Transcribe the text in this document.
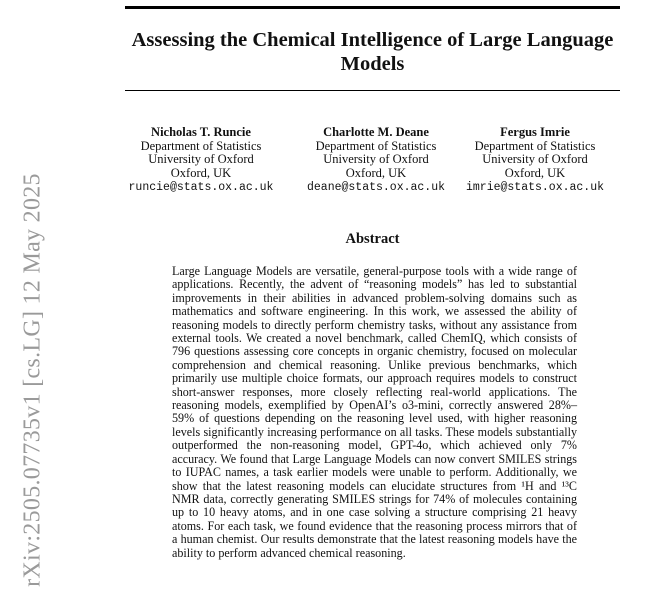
rXiv:2505.07735v1 [cs.LG] 12 May 2025
Assessing the Chemical Intelligence of Large Language Models
Nicholas T. Runcie
Department of Statistics
University of Oxford
Oxford, UK
runcie@stats.ox.ac.uk
Charlotte M. Deane
Department of Statistics
University of Oxford
Oxford, UK
deane@stats.ox.ac.uk
Fergus Imrie
Department of Statistics
University of Oxford
Oxford, UK
imrie@stats.ox.ac.uk
Abstract

Large Language Models are versatile, general-purpose tools with a wide range of applications. Recently, the advent of “reasoning models” has led to substantial improvements in their abilities in advanced problem-solving domains such as mathematics and software engineering. In this work, we assessed the ability of reasoning models to directly perform chemistry tasks, without any assistance from external tools. We created a novel benchmark, called ChemIQ, which consists of 796 questions assessing core concepts in organic chemistry, focused on molecular comprehension and chemical reasoning. Unlike previous benchmarks, which primarily use multiple choice formats, our approach requires models to construct short-answer responses, more closely reflecting real-world applications. The reasoning models, exemplified by OpenAI’s o3-mini, correctly answered 28%–59% of questions depending on the reasoning level used, with higher reasoning levels significantly increasing performance on all tasks. These models substantially outperformed the non-reasoning model, GPT-4o, which achieved only 7% accuracy. We found that Large Language Models can now convert SMILES strings to IUPAC names, a task earlier models were unable to perform. Additionally, we show that the latest reasoning models can elucidate structures from ¹H and ¹³C NMR data, correctly generating SMILES strings for 74% of molecules containing up to 10 heavy atoms, and in one case solving a structure comprising 21 heavy atoms. For each task, we found evidence that the reasoning process mirrors that of a human chemist. Our results demonstrate that the latest reasoning models have the ability to perform advanced chemical reasoning.
